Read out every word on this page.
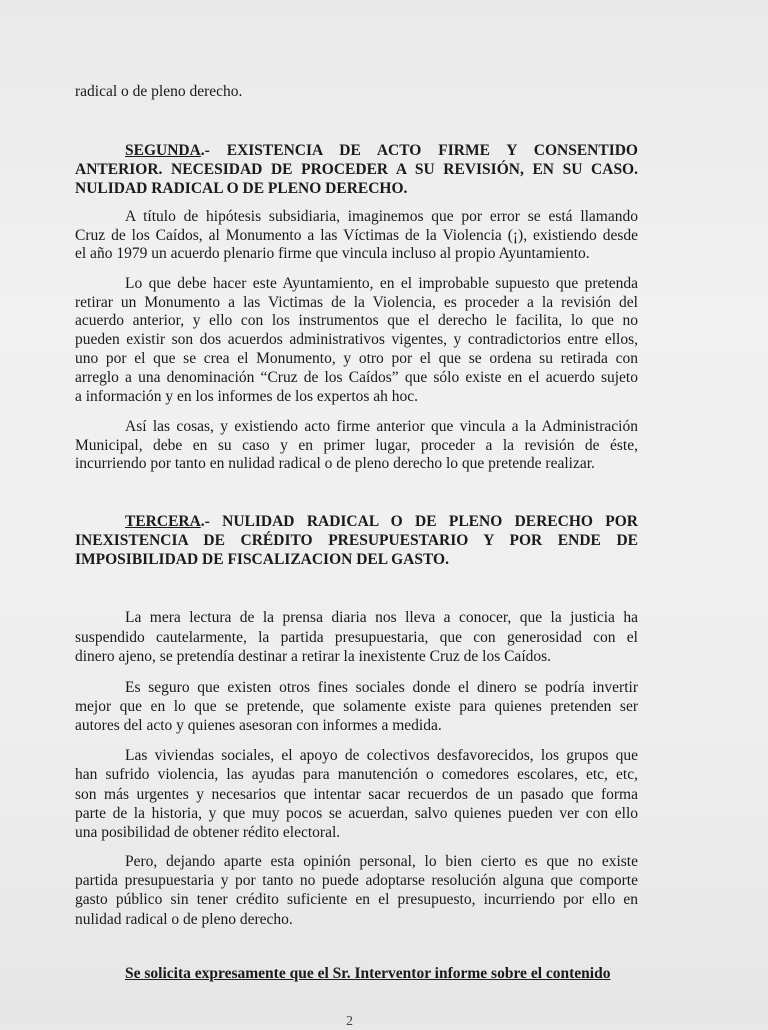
radical o de pleno derecho.
SEGUNDA.- EXISTENCIA DE ACTO FIRME Y CONSENTIDO
ANTERIOR. NECESIDAD DE PROCEDER A SU REVISIÓN, EN SU CASO.
NULIDAD RADICAL O DE PLENO DERECHO.
A título de hipótesis subsidiaria, imaginemos que por error se está llamando
Cruz de los Caídos, al Monumento a las Víctimas de la Violencia (¡), existiendo desde
el año 1979 un acuerdo plenario firme que vincula incluso al propio Ayuntamiento.
Lo que debe hacer este Ayuntamiento, en el improbable supuesto que pretenda
retirar un Monumento a las Victimas de la Violencia, es proceder a la revisión del
acuerdo anterior, y ello con los instrumentos que el derecho le facilita, lo que no
pueden existir son dos acuerdos administrativos vigentes, y contradictorios entre ellos,
uno por el que se crea el Monumento, y otro por el que se ordena su retirada con
arreglo a una denominación “Cruz de los Caídos” que sólo existe en el acuerdo sujeto
a información y en los informes de los expertos ah hoc.
Así las cosas, y existiendo acto firme anterior que vincula a la Administración
Municipal, debe en su caso y en primer lugar, proceder a la revisión de éste,
incurriendo por tanto en nulidad radical o de pleno derecho lo que pretende realizar.
TERCERA.- NULIDAD RADICAL O DE PLENO DERECHO POR
INEXISTENCIA DE CRÉDITO PRESUPUESTARIO Y POR ENDE DE
IMPOSIBILIDAD DE FISCALIZACION DEL GASTO.
La mera lectura de la prensa diaria nos lleva a conocer, que la justicia ha
suspendido cautelarmente, la partida presupuestaria, que con generosidad con el
dinero ajeno, se pretendía destinar a retirar la inexistente Cruz de los Caídos.
Es seguro que existen otros fines sociales donde el dinero se podría invertir
mejor que en lo que se pretende, que solamente existe para quienes pretenden ser
autores del acto y quienes asesoran con informes a medida.
Las viviendas sociales, el apoyo de colectivos desfavorecidos, los grupos que
han sufrido violencia, las ayudas para manutención o comedores escolares, etc, etc,
son más urgentes y necesarios que intentar sacar recuerdos de un pasado que forma
parte de la historia, y que muy pocos se acuerdan, salvo quienes pueden ver con ello
una posibilidad de obtener rédito electoral.
Pero, dejando aparte esta opinión personal, lo bien cierto es que no existe
partida presupuestaria y por tanto no puede adoptarse resolución alguna que comporte
gasto público sin tener crédito suficiente en el presupuesto, incurriendo por ello en
nulidad radical o de pleno derecho.
Se solicita expresamente que el Sr. Interventor informe sobre el contenido
2
